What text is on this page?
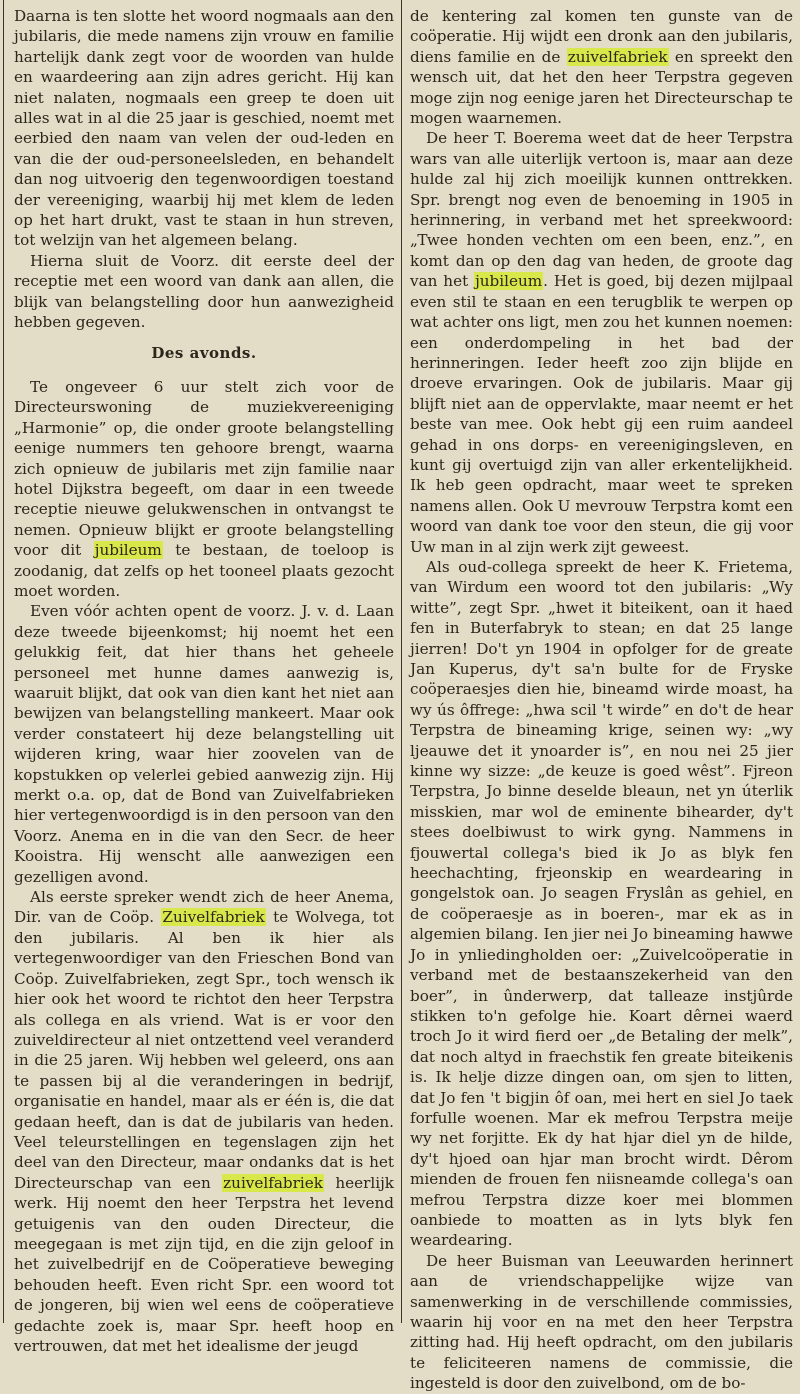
Daarna is ten slotte het woord nogmaals aan den jubilaris, die mede namens zijn vrouw en familie hartelijk dank zegt voor de woorden van hulde en waardeering aan zijn adres gericht. Hij kan niet nalaten, nogmaals een greep te doen uit alles wat in al die 25 jaar is geschied, noemt met eerbied den naam van velen der oud-leden en van die der oud-personeelsleden, en behandelt dan nog uitvoerig den tegenwoordigen toestand der vereeniging, waarbij hij met klem de leden op het hart drukt, vast te staan in hun streven, tot welzijn van het algemeen belang.

Hierna sluit de Voorz. dit eerste deel der receptie met een woord van dank aan allen, die blijk van belangstelling door hun aanwezigheid hebben gegeven.

Des avonds.

Te ongeveer 6 uur stelt zich voor de Directeurswoning de muziekvereeniging „Harmonie” op, die onder groote belangstelling eenige nummers ten gehoore brengt, waarna zich opnieuw de jubilaris met zijn familie naar hotel Dijkstra begeeft, om daar in een tweede receptie nieuwe gelukwenschen in ontvangst te nemen. Opnieuw blijkt er groote belangstelling voor dit jubileum te bestaan, de toeloop is zoodanig, dat zelfs op het tooneel plaats gezocht moet worden.

Even vóór achten opent de voorz. J. v. d. Laan deze tweede bijeenkomst; hij noemt het een gelukkig feit, dat hier thans het geheele personeel met hunne dames aanwezig is, waaruit blijkt, dat ook van dien kant het niet aan bewijzen van belangstelling mankeert. Maar ook verder constateert hij deze belangstelling uit wijderen kring, waar hier zoovelen van de kopstukken op velerlei gebied aanwezig zijn. Hij merkt o.a. op, dat de Bond van Zuivelfabrieken hier vertegenwoordigd is in den persoon van den Voorz. Anema en in die van den Secr. de heer Kooistra. Hij wenscht alle aanwezigen een gezelligen avond.

Als eerste spreker wendt zich de heer Anema, Dir. van de Coöp. Zuivelfabriek te Wolvega, tot den jubilaris. Al ben ik hier als vertegenwoordiger van den Frieschen Bond van Coöp. Zuivelfabrieken, zegt Spr., toch wensch ik hier ook het woord te richtot den heer Terpstra als collega en als vriend. Wat is er voor den zuiveldirecteur al niet ontzettend veel veranderd in die 25 jaren. Wij hebben wel geleerd, ons aan te passen bij al die veranderingen in bedrijf, organisatie en handel, maar als er één is, die dat gedaan heeft, dan is dat de jubilaris van heden. Veel teleurstellingen en tegenslagen zijn het deel van den Directeur, maar ondanks dat is het Directeurschap van een zuivelfabriek heerlijk werk. Hij noemt den heer Terpstra het levend getuigenis van den ouden Directeur, die meegegaan is met zijn tijd, en die zijn geloof in het zuivelbedrijf en de Coöperatieve beweging behouden heeft. Even richt Spr. een woord tot de jongeren, bij wien wel eens de coöperatieve gedachte zoek is, maar Spr. heeft hoop en vertrouwen, dat met het idealisme der jeugd

de kentering zal komen ten gunste van de coöperatie. Hij wijdt een dronk aan den jubilaris, diens familie en de zuivelfabriek en spreekt den wensch uit, dat het den heer Terpstra gegeven moge zijn nog eenige jaren het Directeurschap te mogen waarnemen.

De heer T. Boerema weet dat de heer Terpstra wars van alle uiterlijk vertoon is, maar aan deze hulde zal hij zich moeilijk kunnen onttrekken. Spr. brengt nog even de benoeming in 1905 in herinnering, in verband met het spreekwoord: „Twee honden vechten om een been, enz.”, en komt dan op den dag van heden, de groote dag van het jubileum. Het is goed, bij dezen mijlpaal even stil te staan en een terugblik te werpen op wat achter ons ligt, men zou het kunnen noemen: een onderdompeling in het bad der herinneringen. Ieder heeft zoo zijn blijde en droeve ervaringen. Ook de jubilaris. Maar gij blijft niet aan de oppervlakte, maar neemt er het beste van mee. Ook hebt gij een ruim aandeel gehad in ons dorps- en vereenigingsleven, en kunt gij overtuigd zijn van aller erkentelijkheid. Ik heb geen opdracht, maar weet te spreken namens allen. Ook U mevrouw Terpstra komt een woord van dank toe voor den steun, die gij voor Uw man in al zijn werk zijt geweest.

Als oud-collega spreekt de heer K. Frietema, van Wirdum een woord tot den jubilaris: „Wy witte”, zegt Spr. „hwet it biteikent, oan it haed fen in Buterfabryk to stean; en dat 25 lange jierren! Do't yn 1904 in opfolger for de greate Jan Kuperus, dy't sa'n bulte for de Fryske coöperaesjes dien hie, bineamd wirde moast, ha wy ús ôffrege: „hwa scil 't wirde” en do't de hear Terpstra de bineaming krige, seinen wy: „wy ljeauwe det it ynoarder is”, en nou nei 25 jier kinne wy sizze: „de keuze is goed wêst”. Fjreon Terpstra, Jo binne deselde bleaun, net yn úterlik misskien, mar wol de eminente bihearder, dy't stees doelbiwust to wirk gyng. Nammens in fjouwertal collega's bied ik Jo as blyk fen heechachting, frjeonskip en weardearing in gongelstok oan. Jo seagen Fryslân as gehiel, en de coöperaesje as in boeren-, mar ek as in algemien bilang. Ien jier nei Jo bineaming hawwe Jo in ynliedingholden oer: „Zuivelcoöperatie in verband met de bestaanszekerheid van den boer”, in ûnderwerp, dat talleaze instjûrde stikken to'n gefolge hie. Koart dêrnei waerd troch Jo it wird fierd oer „de Betaling der melk”, dat noch altyd in fraechstik fen greate biteikenis is. Ik helje dizze dingen oan, om sjen to litten, dat Jo fen 't bigjin ôf oan, mei hert en siel Jo taek forfulle woenen. Mar ek mefrou Terpstra meije wy net forjitte. Ek dy hat hjar diel yn de hilde, dy't hjoed oan hjar man brocht wirdt. Dêrom mienden de frouen fen niisneamde collega's oan mefrou Terpstra dizze koer mei blommen oanbiede to moatten as in lyts blyk fen weardearing.

De heer Buisman van Leeuwarden herinnert aan de vriendschappelijke wijze van samenwerking in de verschillende commissies, waarin hij voor en na met den heer Terpstra zitting had. Hij heeft opdracht, om den jubilaris te feliciteeren namens de commissie, die ingesteld is door den zuivelbond, om de bo-
